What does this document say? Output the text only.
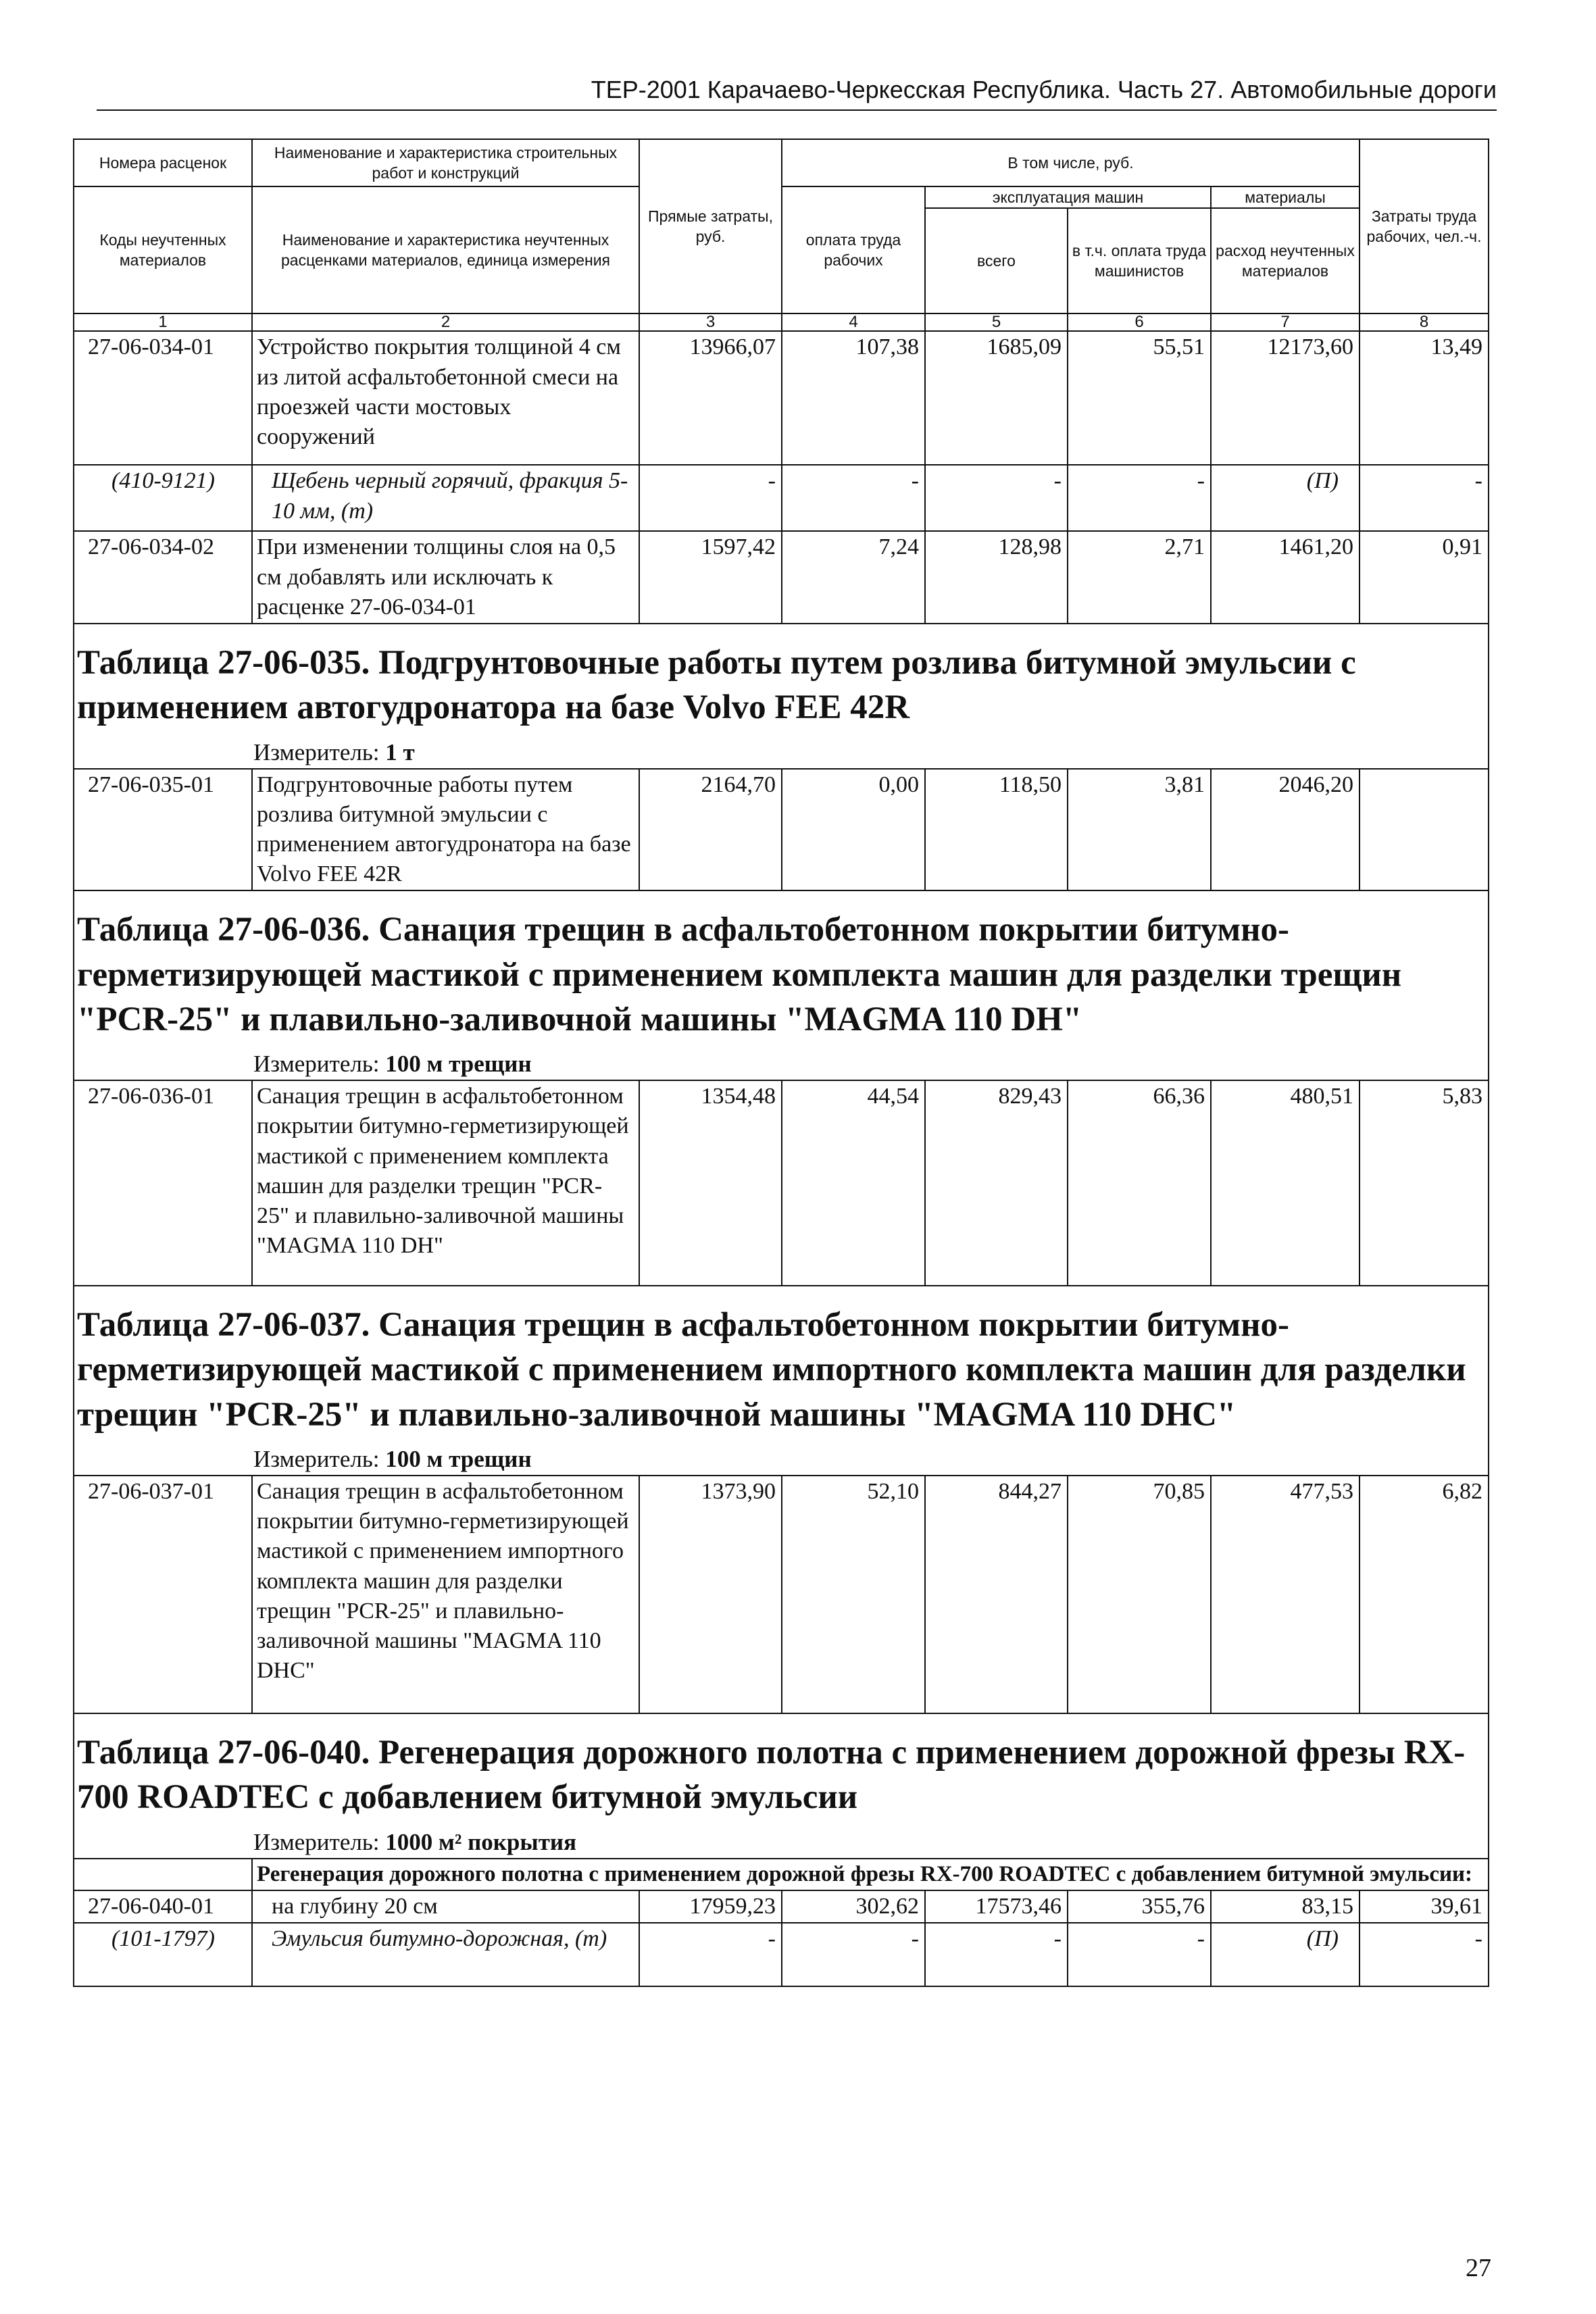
ТЕР-2001 Карачаево-Черкесская Республика. Часть 27. Автомобильные дороги
Номера расценок	Наименование и характеристика строительных работ и конструкций	Прямые затраты, руб.	В том числе, руб.				Затраты труда рабочих, чел.-ч.
Коды неучтенных материалов	Наименование и характеристика неучтенных расценками материалов, единица измерения		оплата труда рабочих	эксплуатация машин		материалы	
				всего	в т.ч. оплата труда машинистов	расход неучтенных материалов	
1	2	3	4	5	6	7	8
27-06-034-01	Устройство покрытия толщиной 4 см из литой асфальтобетонной смеси на проезжей части мостовых сооружений	13966,07	107,38	1685,09	55,51	12173,60	13,49
(410-9121)	Щебень черный горячий, фракция 5-10 мм, (т)	-	-	-	-	(П)	-
27-06-034-02	При изменении толщины слоя на 0,5 см добавлять или исключать к расценке 27-06-034-01	1597,42	7,24	128,98	2,71	1461,20	0,91

Таблица 27-06-035. Подгрунтовочные работы путем розлива битумной эмульсии с применением автогудронатора на базе Volvo FEE 42R
Измеритель: 1 т							

27-06-035-01	Подгрунтовочные работы путем розлива битумной эмульсии с применением автогудронатора на базе Volvo FEE 42R	2164,70	0,00	118,50	3,81	2046,20	

Таблица 27-06-036. Санация трещин в асфальтобетонном покрытии битумно-герметизирующей мастикой с применением комплекта машин для разделки трещин "PCR-25" и плавильно-заливочной машины "MAGMA 110 DH"
Измеритель: 100 м трещин							

27-06-036-01	Санация трещин в асфальтобетонном покрытии битумно-герметизирующей мастикой с применением комплекта машин для разделки трещин "PCR-25" и плавильно-заливочной машины "MAGMA 110 DH"	1354,48	44,54	829,43	66,36	480,51	5,83

Таблица 27-06-037. Санация трещин в асфальтобетонном покрытии битумно-герметизирующей мастикой с применением импортного комплекта машин для разделки трещин "PCR-25" и плавильно-заливочной машины "MAGMA 110 DHC"
Измеритель: 100 м трещин							

27-06-037-01	Санация трещин в асфальтобетонном покрытии битумно-герметизирующей мастикой с применением импортного комплекта машин для разделки трещин "PCR-25" и плавильно-заливочной машины "MAGMA 110 DHC"	1373,90	52,10	844,27	70,85	477,53	6,82

Таблица 27-06-040. Регенерация дорожного полотна с применением дорожной фрезы RX-700 ROADTEC с добавлением битумной эмульсии
Измеритель: 1000 м² покрытия							

	Регенерация дорожного полотна с применением дорожной фрезы RX-700 ROADTEC с добавлением битумной эмульсии:						
27-06-040-01	на глубину 20 см	17959,23	302,62	17573,46	355,76	83,15	39,61
(101-1797)	Эмульсия битумно-дорожная, (т)	-	-	-	-	(П)	-
27
